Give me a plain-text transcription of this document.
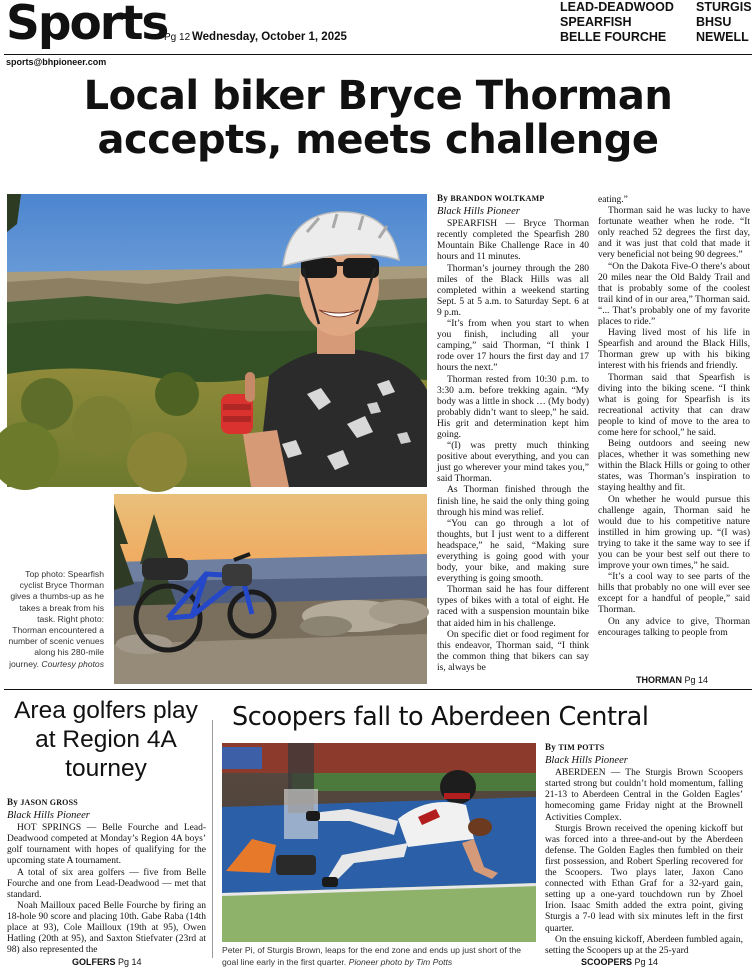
Sports
Pg 12 Wednesday, October 1, 2025
LEAD-DEADWOOD
SPEARFISH
BELLE FOURCHE
STURGIS
BHSU
NEWELL
sports@bhpioneer.com
Local biker Bryce Thorman
accepts, meets challenge
Top photo: Spearfish cyclist Bryce Thorman gives a thumbs-up as he takes a break from his task. Right photo: Thorman encountered a number of scenic venues along his 280-mile journey. Courtesy photos

By BRANDON WOLTKAMP

Black Hills Pioneer

SPEARFISH — Bryce Thorman recently completed the Spearfish 280 Mountain Bike Challenge Race in 40 hours and 11 minutes.

Thorman’s journey through the 280 miles of the Black Hills was all completed within a weekend starting Sept. 5 at 5 a.m. to Saturday Sept. 6 at 9 p.m.

“It’s from when you start to when you finish, including all your camping,” said Thorman, “I think I rode over 17 hours the first day and 17 hours the next.”

Thorman rested from 10:30 p.m. to 3:30 a.m. before trekking again. “My body was a little in shock … (My body) probably didn’t want to sleep,” he said. His grit and determination kept him going.

“(I) was pretty much thinking positive about everything, and you can just go wherever your mind takes you,” said Thorman.

As Thorman finished through the finish line, he said the only thing going through his mind was relief.

“You can go through a lot of thoughts, but I just went to a different headspace,” he said, “Making sure everything is going good with your body, your bike, and making sure everything is going smooth.

Thorman said he has four different types of bikes with a total of eight. He raced with a suspension mountain bike that aided him in his challenge.

On specific diet or food regiment for this endeavor, Thorman said, “I think the common thing that bikers can say is, always be

eating.”

Thorman said he was lucky to have fortunate weather when he rode. “It only reached 52 degrees the first day, and it was just that cold that made it very beneficial not being 90 degrees.”

“On the Dakota Five-O there’s about 20 miles near the Old Baldy Trail and that is probably some of the coolest trail kind of in our area,” Thorman said. “... That’s probably one of my favorite places to ride.”

Having lived most of his life in Spearfish and around the Black Hills, Thorman grew up with his biking interest with his friends and friendly.

Thorman said that Spearfish is diving into the biking scene. “I think what is going for Spearfish is its recreational activity that can draw people to kind of move to the area to come here for school,” he said.

Being outdoors and seeing new places, whether it was something new within the Black Hills or going to other states, was Thorman’s inspiration to staying healthy and fit.

On whether he would pursue this challenge again, Thorman said he would due to his competitive nature instilled in him growing up. “(I was) trying to take it the same way to see if you can be your best self out there to improve your own times,” he said.

“It’s a cool way to see parts of the hills that probably no one will ever see except for a handful of people,” said Thorman.

On any advice to give, Thorman encourages talking to people from

THORMAN Pg 14
Area golfers play at Region 4A tourney

By JASON GROSS

Black Hills Pioneer

HOT SPRINGS — Belle Fourche and Lead-Deadwood competed at Monday’s Region 4A boys’ golf tournament with hopes of qualifying for the upcoming state A tournament.

A total of six area golfers — five from Belle Fourche and one from Lead-Deadwood — met that standard.

Noah Mailloux paced Belle Fourche by firing an 18-hole 90 score and placing 10th. Gabe Raba (14th place at 93), Cole Mailloux (19th at 95), Owen Hatling (20th at 95), and Saxton Stiefvater (23rd at 98) also represented the

GOLFERS Pg 14
Scoopers fall to Aberdeen Central
Peter Pi, of Sturgis Brown, leaps for the end zone and ends up just short of the goal line early in the first quarter. Pioneer photo by Tim Potts

By TIM POTTS

Black Hills Pioneer

ABERDEEN — The Sturgis Brown Scoopers started strong but couldn’t hold momentum, falling 21-13 to Aberdeen Central in the Golden Eagles’ homecoming game Friday night at the Brownell Activities Complex.

Sturgis Brown received the opening kickoff but was forced into a three-and-out by the Aberdeen defense. The Golden Eagles then fumbled on their first possession, and Robert Sperling recovered for the Scoopers. Two plays later, Jaxon Cano connected with Ethan Graf for a 32-yard gain, setting up a one-yard touchdown run by Zhoel Irion. Isaac Smith added the extra point, giving Sturgis a 7-0 lead with six minutes left in the first quarter.

On the ensuing kickoff, Aberdeen fumbled again, setting the Scoopers up at the 25-yard

SCOOPERS Pg 14
